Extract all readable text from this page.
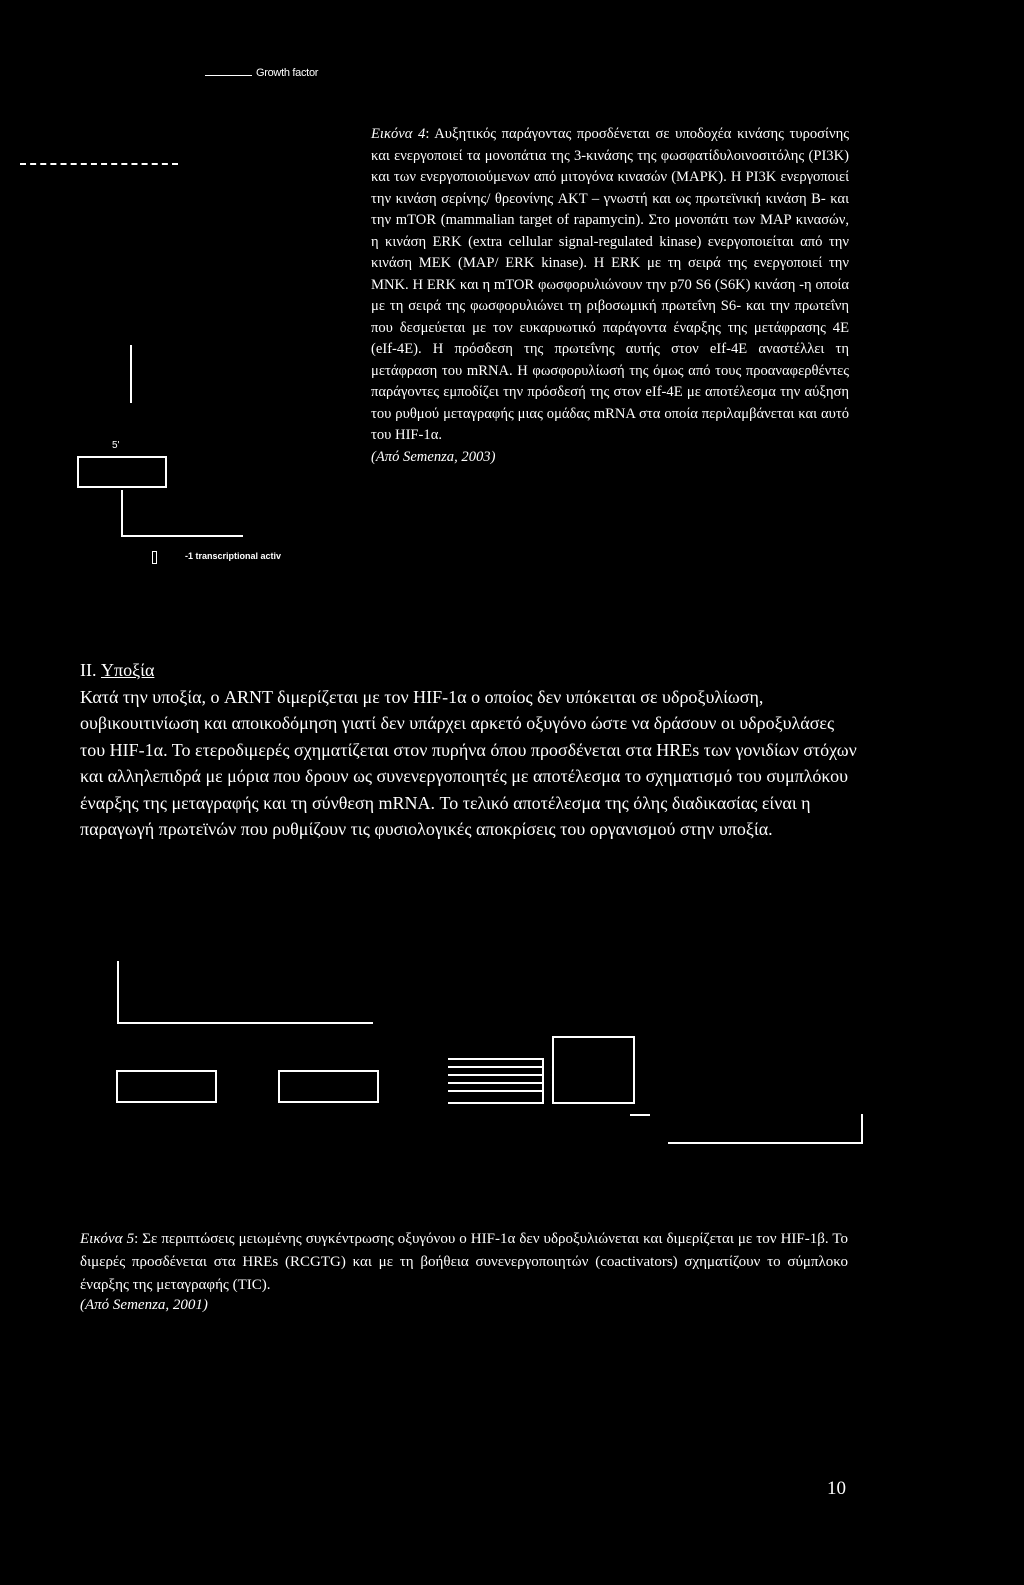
Growth factor
5'
-1 transcriptional activ
Εικόνα 4: Αυξητικός παράγοντας προσδένεται σε υποδοχέα κινάσης τυροσίνης και ενεργοποιεί τα μονοπάτια της 3-κινάσης της φωσφατίδυλοινοσιτόλης (PI3K) και των ενεργοποιούμενων από μιτογόνα κινασών (MAPK). Η PI3K ενεργοποιεί την κινάση σερίνης/ θρεονίνης AKT – γνωστή και ως πρωτεϊνική κινάση B- και την mTOR (mammalian target of rapamycin). Στο μονοπάτι των MAP κινασών, η κινάση ERK (extra cellular signal-regulated kinase) ενεργοποιείται από την κινάση MEK (MAP/ ERK kinase). Η ERK με τη σειρά της ενεργοποιεί την MNK. Η ERK και η mTOR φωσφορυλιώνουν την p70 S6 (S6K) κινάση -η οποία με τη σειρά της φωσφορυλιώνει τη ριβοσωμική πρωτεΐνη S6- και την πρωτεΐνη που δεσμεύεται με τον ευκαρυωτικό παράγοντα έναρξης της μετάφρασης 4E (eIf-4E). Η πρόσδεση της πρωτεΐνης αυτής στον eIf-4E αναστέλλει τη μετάφραση του mRNA. Η φωσφορυλίωσή της όμως από τους προαναφερθέντες παράγοντες εμποδίζει την πρόσδεσή της στον eIf-4E με αποτέλεσμα την αύξηση του ρυθμού μεταγραφής μιας ομάδας mRNA στα οποία περιλαμβάνεται και αυτό του HIF-1α.
(Από Semenza, 2003)
II. Υποξία
Κατά την υποξία, ο ARNT διμερίζεται με τον HIF-1α ο οποίος δεν υπόκειται σε υδροξυλίωση, ουβικουιτινίωση και αποικοδόμηση γιατί δεν υπάρχει αρκετό οξυγόνο ώστε να δράσουν οι υδροξυλάσες του HIF-1α. Το ετεροδιμερές σχηματίζεται στον πυρήνα όπου προσδένεται στα HREs των γονιδίων στόχων και αλληλεπιδρά με μόρια που δρουν ως συνενεργοποιητές με αποτέλεσμα το σχηματισμό του συμπλόκου έναρξης της μεταγραφής και τη σύνθεση mRNA. Το τελικό αποτέλεσμα της όλης διαδικασίας είναι η παραγωγή πρωτεϊνών που ρυθμίζουν τις φυσιολογικές αποκρίσεις του οργανισμού στην υποξία.
Εικόνα 5: Σε περιπτώσεις μειωμένης συγκέντρωσης οξυγόνου ο HIF-1α δεν υδροξυλιώνεται και διμερίζεται με τον HIF-1β. Το διμερές προσδένεται στα HREs (RCGTG) και με τη βοήθεια συνενεργοποιητών (coactivators) σχηματίζουν το σύμπλοκο έναρξης της μεταγραφής (TIC).
(Από Semenza, 2001)
10
